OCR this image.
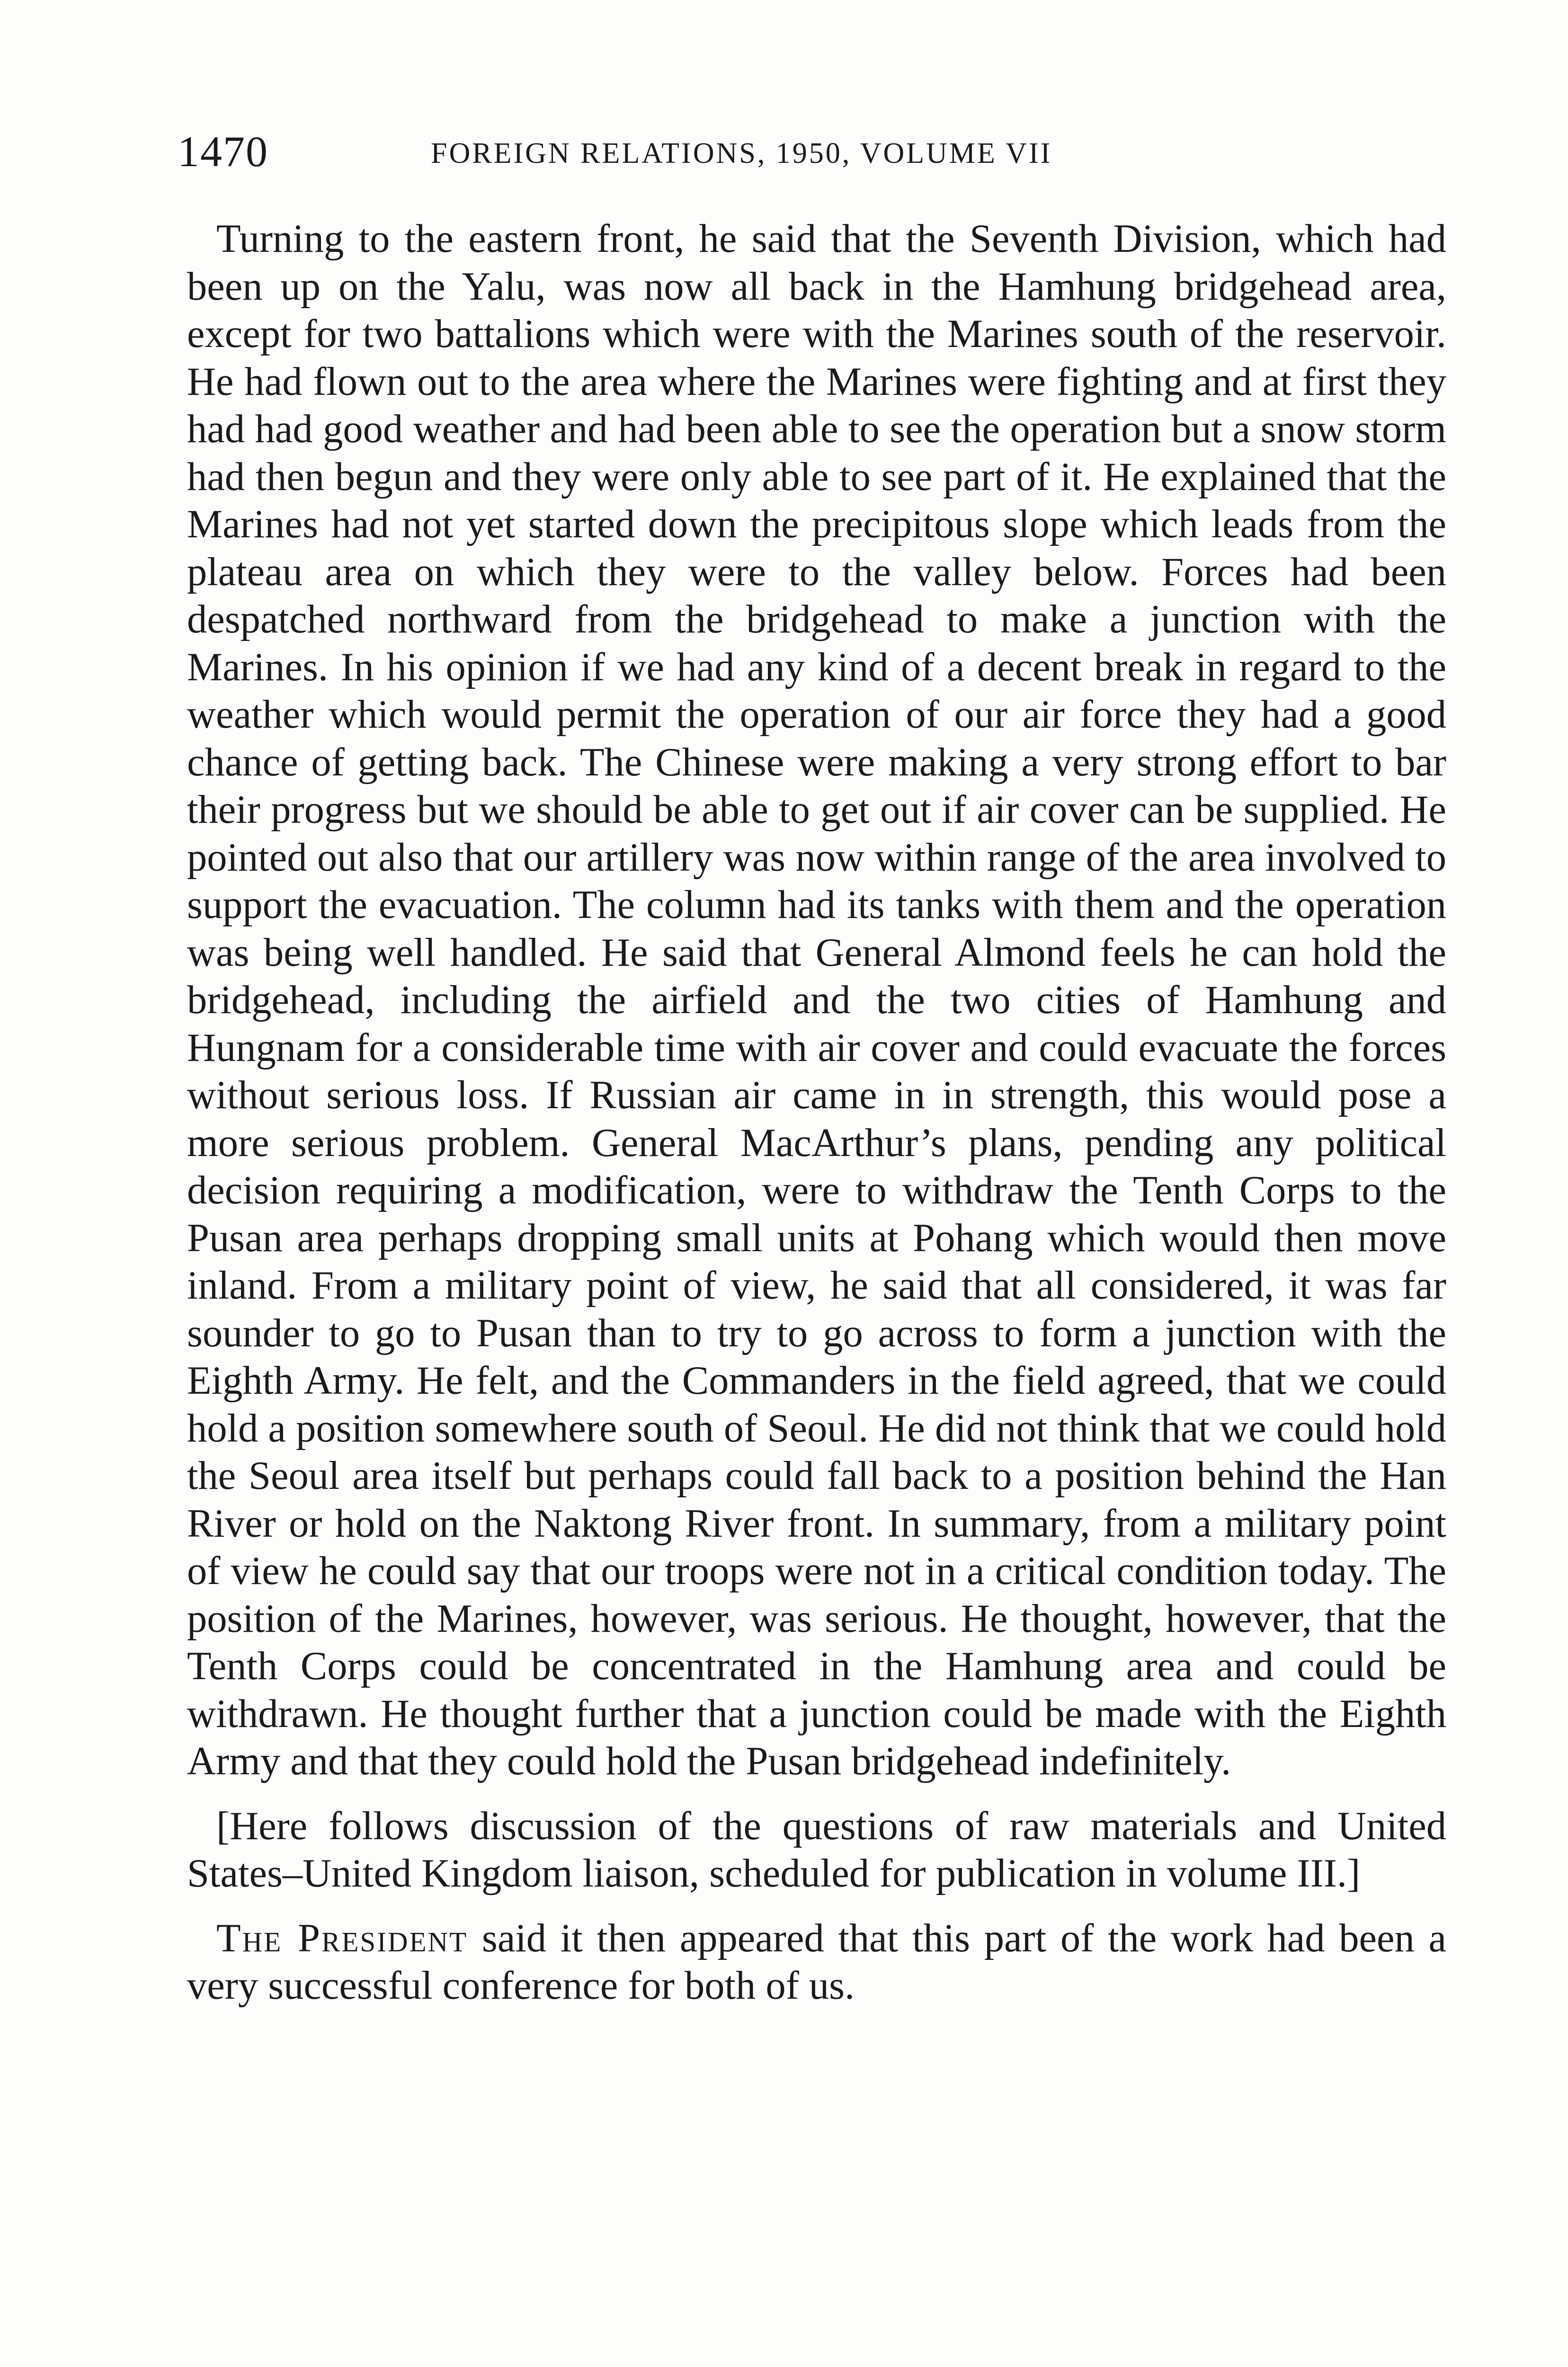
1470	FOREIGN RELATIONS, 1950, VOLUME VII

Turning to the eastern front, he said that the Seventh Division, which had been up on the Yalu, was now all back in the Hamhung bridgehead area, except for two battalions which were with the Marines south of the reservoir. He had flown out to the area where the Marines were fighting and at first they had had good weather and had been able to see the operation but a snow storm had then begun and they were only able to see part of it. He explained that the Marines had not yet started down the precipitous slope which leads from the plateau area on which they were to the valley below. Forces had been despatched northward from the bridgehead to make a junction with the Marines. In his opinion if we had any kind of a decent break in regard to the weather which would permit the operation of our air force they had a good chance of getting back. The Chinese were making a very strong effort to bar their progress but we should be able to get out if air cover can be supplied. He pointed out also that our artillery was now within range of the area involved to support the evacuation. The column had its tanks with them and the operation was being well handled. He said that General Almond feels he can hold the bridgehead, including the airfield and the two cities of Hamhung and Hungnam for a considerable time with air cover and could evacuate the forces without serious loss. If Russian air came in in strength, this would pose a more serious problem. General MacArthur’s plans, pending any political decision requiring a modification, were to withdraw the Tenth Corps to the Pusan area perhaps dropping small units at Pohang which would then move inland. From a military point of view, he said that all considered, it was far sounder to go to Pusan than to try to go across to form a junction with the Eighth Army. He felt, and the Commanders in the field agreed, that we could hold a position somewhere south of Seoul. He did not think that we could hold the Seoul area itself but perhaps could fall back to a position behind the Han River or hold on the Naktong River front. In summary, from a military point of view he could say that our troops were not in a critical condition today. The position of the Marines, however, was serious. He thought, however, that the Tenth Corps could be concentrated in the Hamhung area and could be withdrawn. He thought further that a junction could be made with the Eighth Army and that they could hold the Pusan bridgehead indefinitely.

[Here follows discussion of the questions of raw materials and United States–United Kingdom liaison, scheduled for publication in volume III.]

The President said it then appeared that this part of the work had been a very successful conference for both of us.
